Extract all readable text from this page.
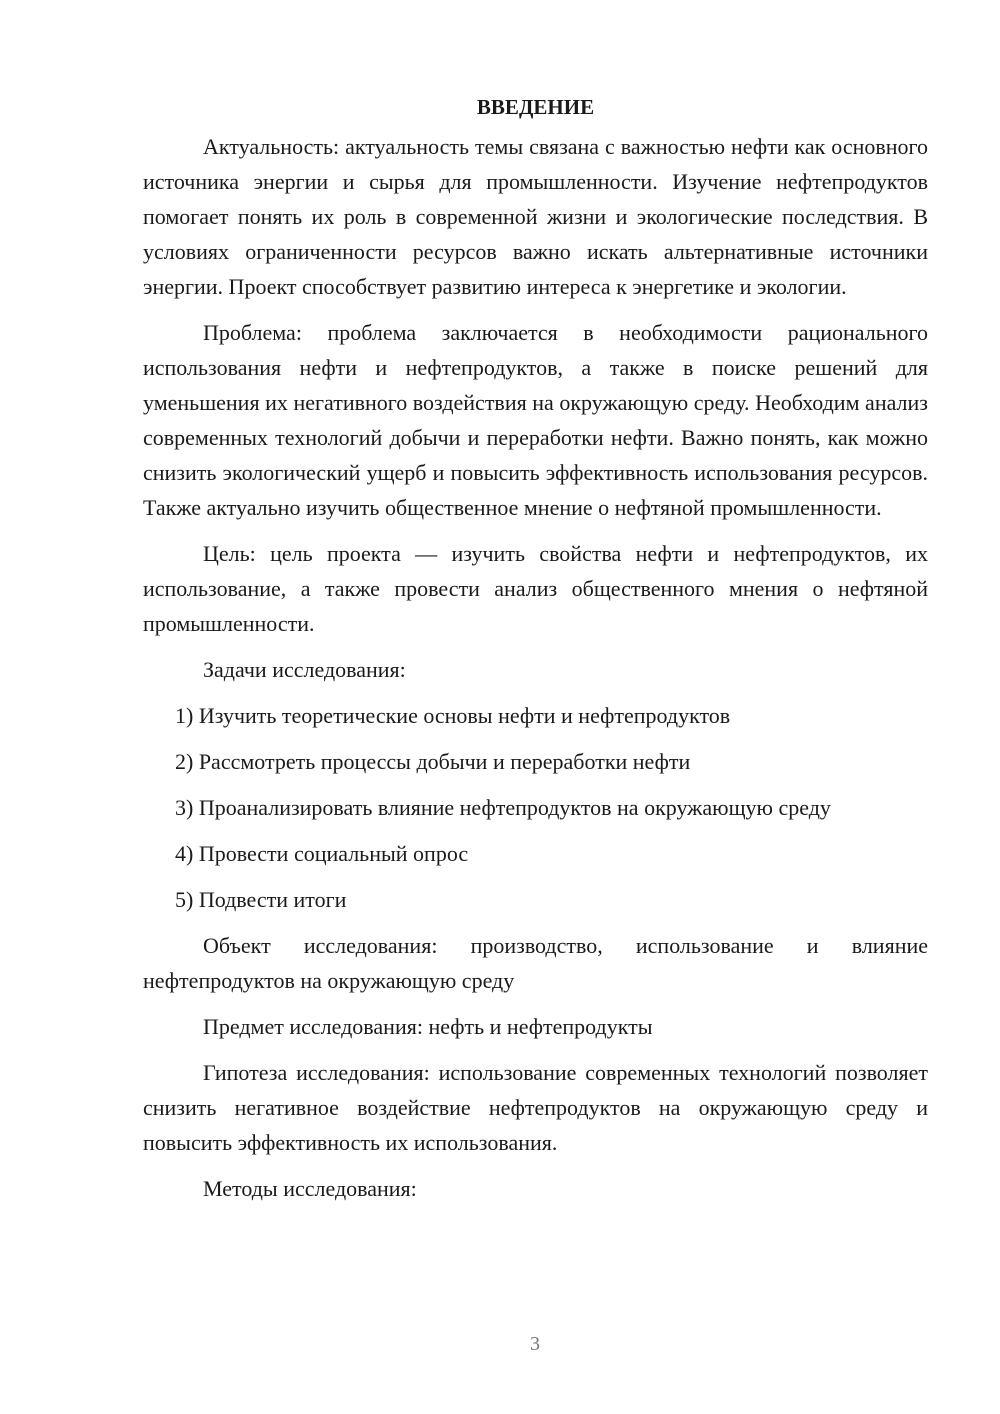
ВВЕДЕНИЕ

Актуальность: актуальность темы связана с важностью нефти как основного источника энергии и сырья для промышленности. Изучение нефтепродуктов помогает понять их роль в современной жизни и экологические последствия. В условиях ограниченности ресурсов важно искать альтернативные источники энергии. Проект способствует развитию интереса к энергетике и экологии.

Проблема: проблема заключается в необходимости рационального использования нефти и нефтепродуктов, а также в поиске решений для уменьшения их негативного воздействия на окружающую среду. Необходим анализ современных технологий добычи и переработки нефти. Важно понять, как можно снизить экологический ущерб и повысить эффективность использования ресурсов. Также актуально изучить общественное мнение о нефтяной промышленности.

Цель: цель проекта — изучить свойства нефти и нефтепродуктов, их использование, а также провести анализ общественного мнения о нефтяной промышленности.

Задачи исследования:

1) Изучить теоретические основы нефти и нефтепродуктов
2) Рассмотреть процессы добычи и переработки нефти
3) Проанализировать влияние нефтепродуктов на окружающую среду
4) Провести социальный опрос
5) Подвести итоги

Объект исследования: производство, использование и влияние нефтепродуктов на окружающую среду

Предмет исследования: нефть и нефтепродукты

Гипотеза исследования: использование современных технологий позволяет снизить негативное воздействие нефтепродуктов на окружающую среду и повысить эффективность их использования.

Методы исследования:

3
